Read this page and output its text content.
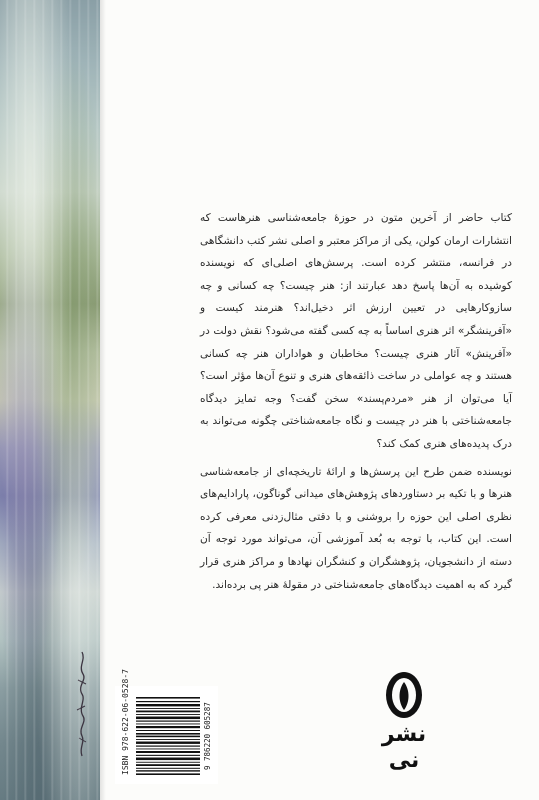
کتاب حاضر از آخرین متون در حوزهٔ جامعه‌شناسی هنرهاست که انتشارات ارمان کولن، یکی از مراکز معتبر و اصلی نشر کتب دانشگاهی در فرانسه، منتشر کرده است. پرسش‌های اصلی‌ای که نویسنده کوشیده به آن‌ها پاسخ دهد عبارتند از: هنر چیست؟ چه کسانی و چه سازوکارهایی در تعیین ارزش اثر دخیل‌اند؟ هنرمند کیست و «آفرینشگر» اثر هنری اساساً به چه کسی گفته می‌شود؟ نقش دولت در «آفرینش» آثار هنری چیست؟ مخاطبان و هواداران هنر چه کسانی هستند و چه عواملی در ساخت ذائقه‌های هنری و تنوع آن‌ها مؤثر است؟ آیا می‌توان از هنر «مردم‌پسند» سخن گفت؟ وجه تمایز دیدگاه جامعه‌شناختی با هنر در چیست و نگاه جامعه‌شناختی چگونه می‌تواند به درک پدیده‌های هنری کمک کند؟

نویسنده ضمن طرح این پرسش‌ها و ارائهٔ تاریخچه‌ای از جامعه‌شناسی هنرها و با تکیه بر دستاوردهای پژوهش‌های میدانی گوناگون، پارادایم‌های نظری اصلی این حوزه را بروشنی و با دقتی مثال‌زدنی معرفی کرده است. این کتاب، با توجه به بُعد آموزشی آن، می‌تواند مورد توجه آن دسته از دانشجویان، پژوهشگران و کنشگران نهادها و مراکز هنری قرار گیرد که به اهمیت دیدگاه‌های جامعه‌شناختی در مقولهٔ هنر پی برده‌اند.

ISBN 978-622-06-0528-7	9 786220 605287	نشر نی
